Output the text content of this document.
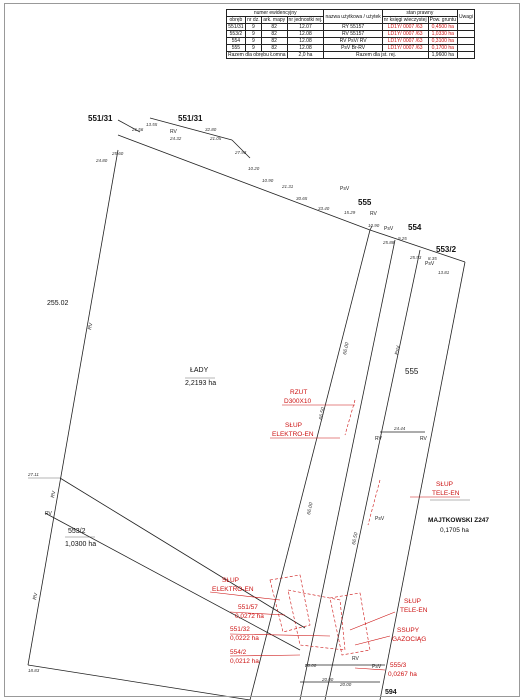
551/31	551/31
555
554
553/2
555
255.02
ŁADY
2,2193 ha
553/2
1,0300 ha
MAJTKOWSKI Z247
0,1705 ha
594
RZUT
D300X10
SŁUP
ELEKTRO-EN
SŁUP
TELE-EN
SŁUP
ELEKTRO-EN
SŁUP
TELE-EN
SSUPY
GAZOCIĄG
551/57
0,0272 ha
551/32
0,0222 ha
554/2
0,0212 ha
555/3
0,0267 ha
25.60
24.80
13.55
32.80
21.05
27.93
10.20
10.90
21.31
30.65
33.40
15.29
10.90
25.88
9.25
25.93 8.35
13.81
27.11
18.83
24.44
20.00
20.00
20.00
21.56
24.32
66.00
66.50
66.00
66.50
RV
RV
RV
RV
RV
RV
PsV
PsV
PsV
PsV
RV	RV
PsV
RV
PsV
numer ewidencyjny				nazwa użytkowa / użytek	stan prawny		Uwagi
obręb	nr dz.	ark. mapy	nr jednostki rej.		nr księgi wieczystej	Pow. gruntu	
551/31	9	82	12.07	RY 55157	LD1Y/ 0007 /63	0,4500 ha	
553/2	9	82	12.08	RV 55157	LD1Y/ 0007 /63	1,0330 ha	
554	9	82	12.08	RV PsV/ RV	LD1Y/ 0007 /63	0,3100 ha	
555	9	82	12.08	PsV Br-RV	LD1Y/ 0007 /63	0,1700 ha	
Razem dla obrębu Łomna			2,0 ha	Razem dla jst. rej.		1,9600 ha	
